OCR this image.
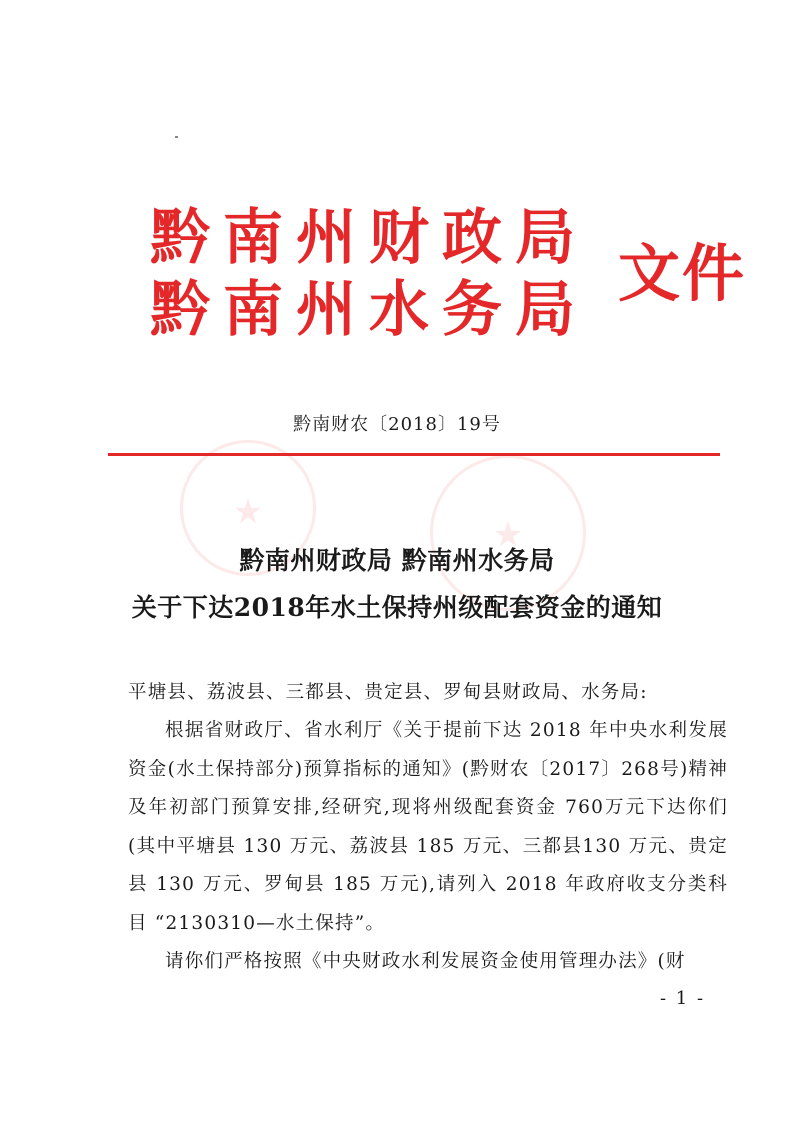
黔南州财政局
黔南州水务局 文件
黔南财农〔2018〕19号
★
★
黔南州财政局 黔南州水务局
关于下达2018年水土保持州级配套资金的通知
平塘县、荔波县、三都县、贵定县、罗甸县财政局、水务局:
根据省财政厅、省水利厅《关于提前下达 2018 年中央水利发展资金(水土保持部分)预算指标的通知》(黔财农〔2017〕268号)精神及年初部门预算安排,经研究,现将州级配套资金 760万元下达你们(其中平塘县 130 万元、荔波县 185 万元、三都县130 万元、贵定县 130 万元、罗甸县 185 万元),请列入 2018 年政府收支分类科目 “2130310—水土保持”。
请你们严格按照《中央财政水利发展资金使用管理办法》(财
- 1 -
